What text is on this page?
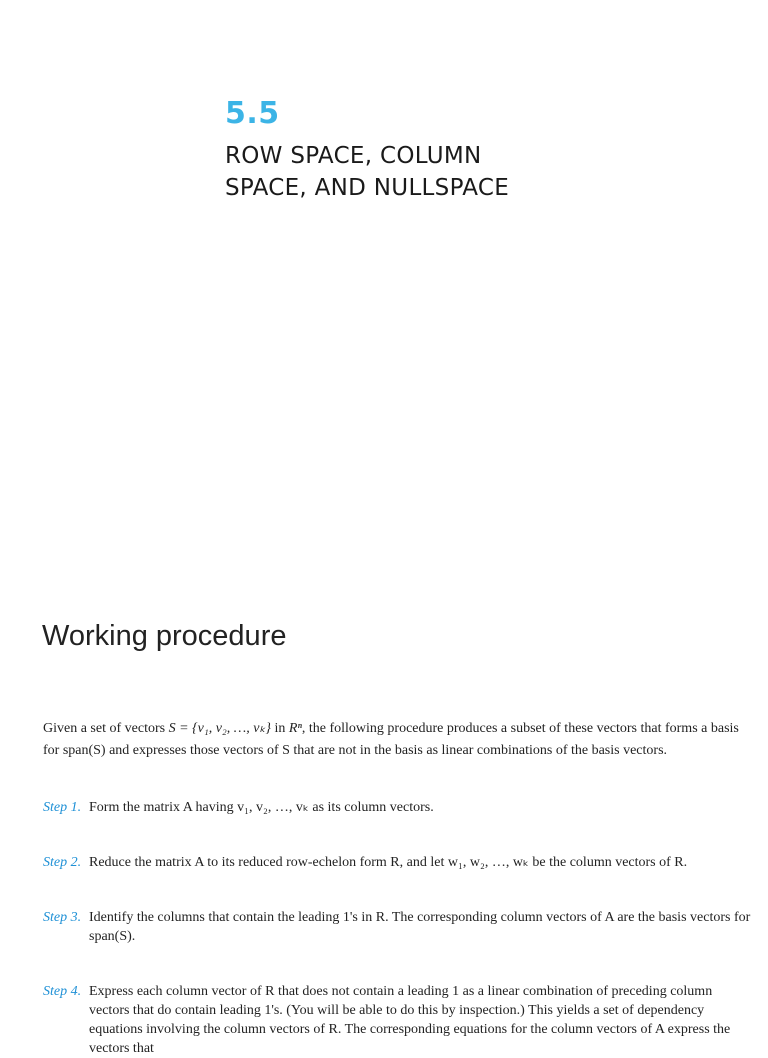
5.5
ROW SPACE, COLUMN
SPACE, AND NULLSPACE
Working procedure
Given a set of vectors S = {v₁, v₂, …, vₖ} in Rⁿ, the following procedure produces a subset of these vectors that forms a basis for span(S) and expresses those vectors of S that are not in the basis as linear combinations of the basis vectors.
Step 1. Form the matrix A having v₁, v₂, …, vₖ as its column vectors.
Step 2. Reduce the matrix A to its reduced row-echelon form R, and let w₁, w₂, …, wₖ be the column vectors of R.
Step 3. Identify the columns that contain the leading 1's in R. The corresponding column vectors of A are the basis vectors for span(S).
Step 4. Express each column vector of R that does not contain a leading 1 as a linear combination of preceding column vectors that do contain leading 1's. (You will be able to do this by inspection.) This yields a set of dependency equations involving the column vectors of R. The corresponding equations for the column vectors of A express the vectors that
